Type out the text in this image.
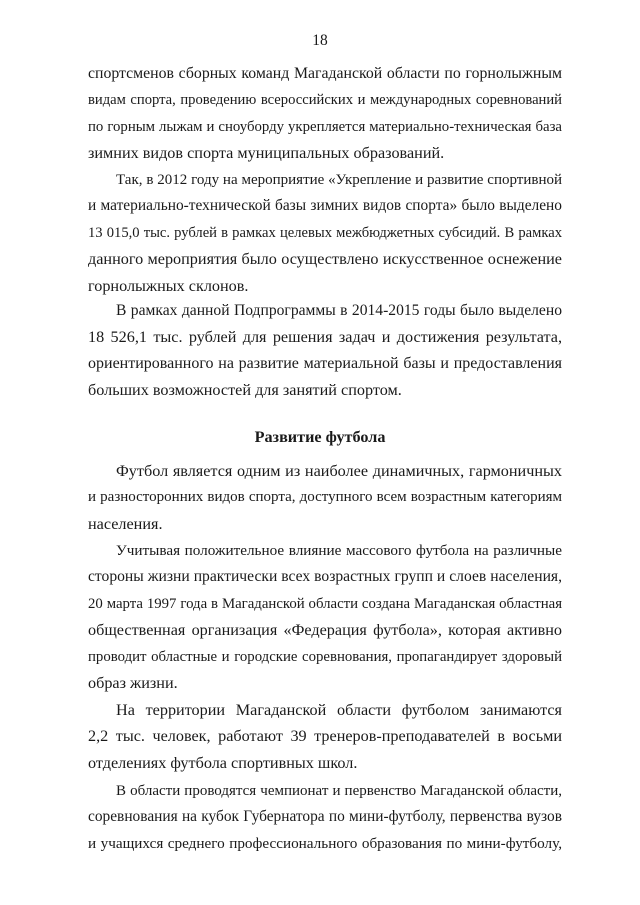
18
спортсменов сборных команд Магаданской области по горнолыжным
видам спорта, проведению всероссийских и международных соревнований
по горным лыжам и сноуборду укрепляется материально-техническая база
зимних видов спорта муниципальных образований.
Так, в 2012 году на мероприятие «Укрепление и развитие спортивной
и материально-технической базы зимних видов спорта» было выделено
13 015,0 тыс. рублей в рамках целевых межбюджетных субсидий. В рамках
данного мероприятия было осуществлено искусственное оснежение
горнолыжных склонов.
В рамках данной Подпрограммы в 2014-2015 годы было выделено
18 526,1 тыс. рублей для решения задач и достижения результата,
ориентированного на развитие материальной базы и предоставления
больших возможностей для занятий спортом.
Развитие футбола
Футбол является одним из наиболее динамичных, гармоничных
и разносторонних видов спорта, доступного всем возрастным категориям
населения.
Учитывая положительное влияние массового футбола на различные
стороны жизни практически всех возрастных групп и слоев населения,
20 марта 1997 года в Магаданской области создана Магаданская областная
общественная организация «Федерация футбола», которая активно
проводит областные и городские соревнования, пропагандирует здоровый
образ жизни.
На территории Магаданской области футболом занимаются
2,2 тыс. человек, работают 39 тренеров-преподавателей в восьми
отделениях футбола спортивных школ.
В области проводятся чемпионат и первенство Магаданской области,
соревнования на кубок Губернатора по мини-футболу, первенства вузов
и учащихся среднего профессионального образования по мини-футболу,
